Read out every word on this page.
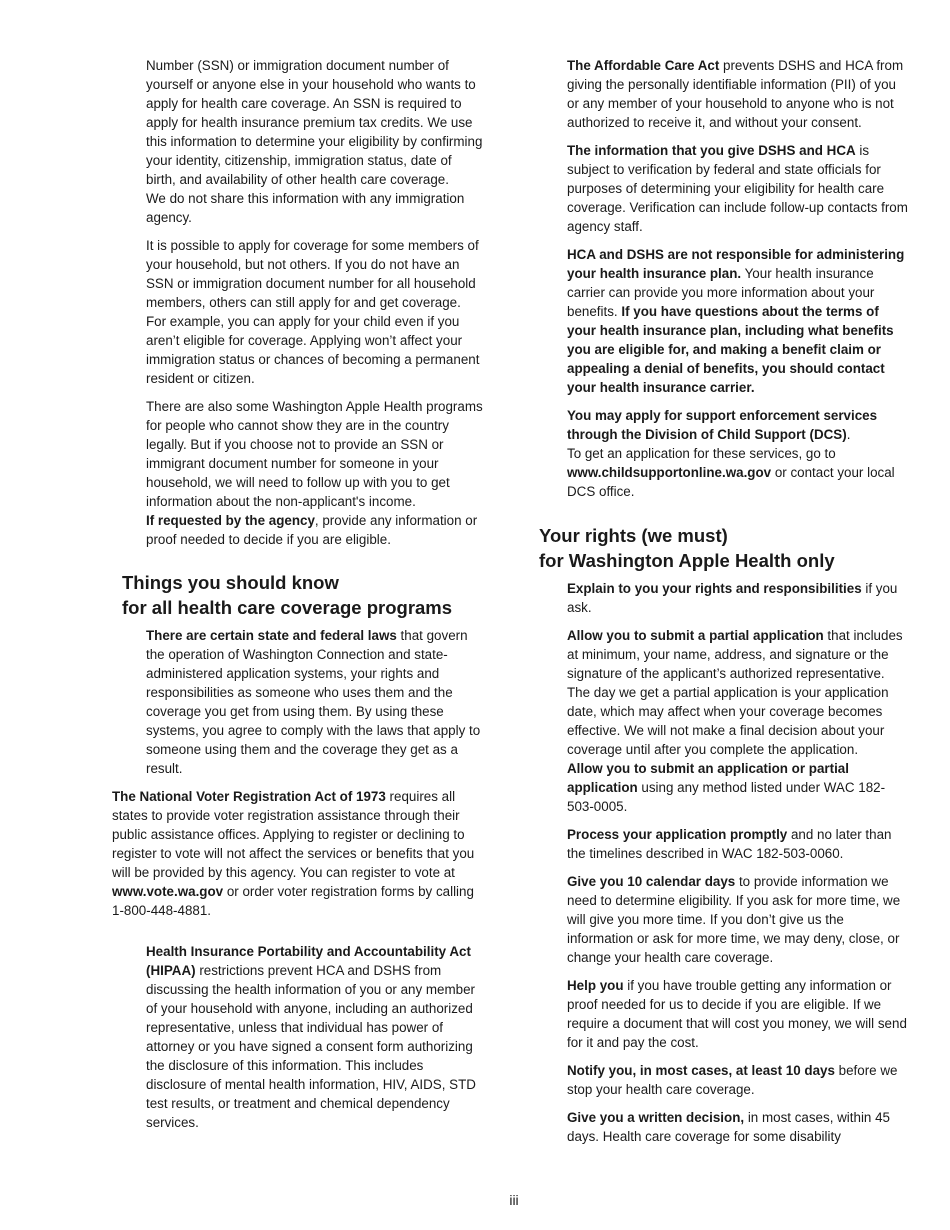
Number (SSN) or immigration document number of yourself or anyone else in your household who wants to apply for health care coverage. An SSN is required to apply for health insurance premium tax credits. We use this information to determine your eligibility by confirming your identity, citizenship, immigration status, date of birth, and availability of other health care coverage.

We do not share this information with any immigration agency.

It is possible to apply for coverage for some members of your household, but not others. If you do not have an SSN or immigration document number for all household members, others can still apply for and get coverage. For example, you can apply for your child even if you aren’t eligible for coverage. Applying won’t affect your immigration status or chances of becoming a permanent resident or citizen.

There are also some Washington Apple Health programs for people who cannot show they are in the country legally. But if you choose not to provide an SSN or immigrant document number for someone in your household, we will need to follow up with you to get information about the non-applicant's income.

If requested by the agency, provide any information or proof needed to decide if you are eligible.

Things you should know
for all health care coverage programs

There are certain state and federal laws that govern the operation of Washington Connection and state-administered application systems, your rights and responsibilities as someone who uses them and the coverage you get from using them. By using these systems, you agree to comply with the laws that apply to someone using them and the coverage they get as a result.

The National Voter Registration Act of 1973 requires all states to provide voter registration assistance through their public assistance offices. Applying to register or declining to register to vote will not affect the services or benefits that you will be provided by this agency. You can register to vote at www.vote.wa.gov or order voter registration forms by calling 1-800-448-4881.

Health Insurance Portability and Accountability Act (HIPAA) restrictions prevent HCA and DSHS from discussing the health information of you or any member of your household with anyone, including an authorized representative, unless that individual has power of attorney or you have signed a consent form authorizing the disclosure of this information. This includes disclosure of mental health information, HIV, AIDS, STD test results, or treatment and chemical dependency services.

The Affordable Care Act prevents DSHS and HCA from giving the personally identifiable information (PII) of you or any member of your household to anyone who is not authorized to receive it, and without your consent.

The information that you give DSHS and HCA is subject to verification by federal and state officials for purposes of determining your eligibility for health care coverage. Verification can include follow-up contacts from agency staff.

HCA and DSHS are not responsible for administering your health insurance plan. Your health insurance carrier can provide you more information about your benefits. If you have questions about the terms of your health insurance plan, including what benefits you are eligible for, and making a benefit claim or appealing a denial of benefits, you should contact your health insurance carrier.

You may apply for support enforcement services through the Division of Child Support (DCS).
To get an application for these services, go to www.childsupportonline.wa.gov or contact your local DCS office.

Your rights (we must)
for Washington Apple Health only

Explain to you your rights and responsibilities if you ask.

Allow you to submit a partial application that includes at minimum, your name, address, and signature or the signature of the applicant’s authorized representative. The day we get a partial application is your application date, which may affect when your coverage becomes effective. We will not make a final decision about your coverage until after you complete the application.

Allow you to submit an application or partial application using any method listed under WAC 182-503-0005.

Process your application promptly and no later than the timelines described in WAC 182-503-0060.

Give you 10 calendar days to provide information we need to determine eligibility. If you ask for more time, we will give you more time. If you don’t give us the information or ask for more time, we may deny, close, or change your health care coverage.

Help you if you have trouble getting any information or proof needed for us to decide if you are eligible. If we require a document that will cost you money, we will send for it and pay the cost.

Notify you, in most cases, at least 10 days before we stop your health care coverage.

Give you a written decision, in most cases, within 45 days. Health care coverage for some disability

iii
